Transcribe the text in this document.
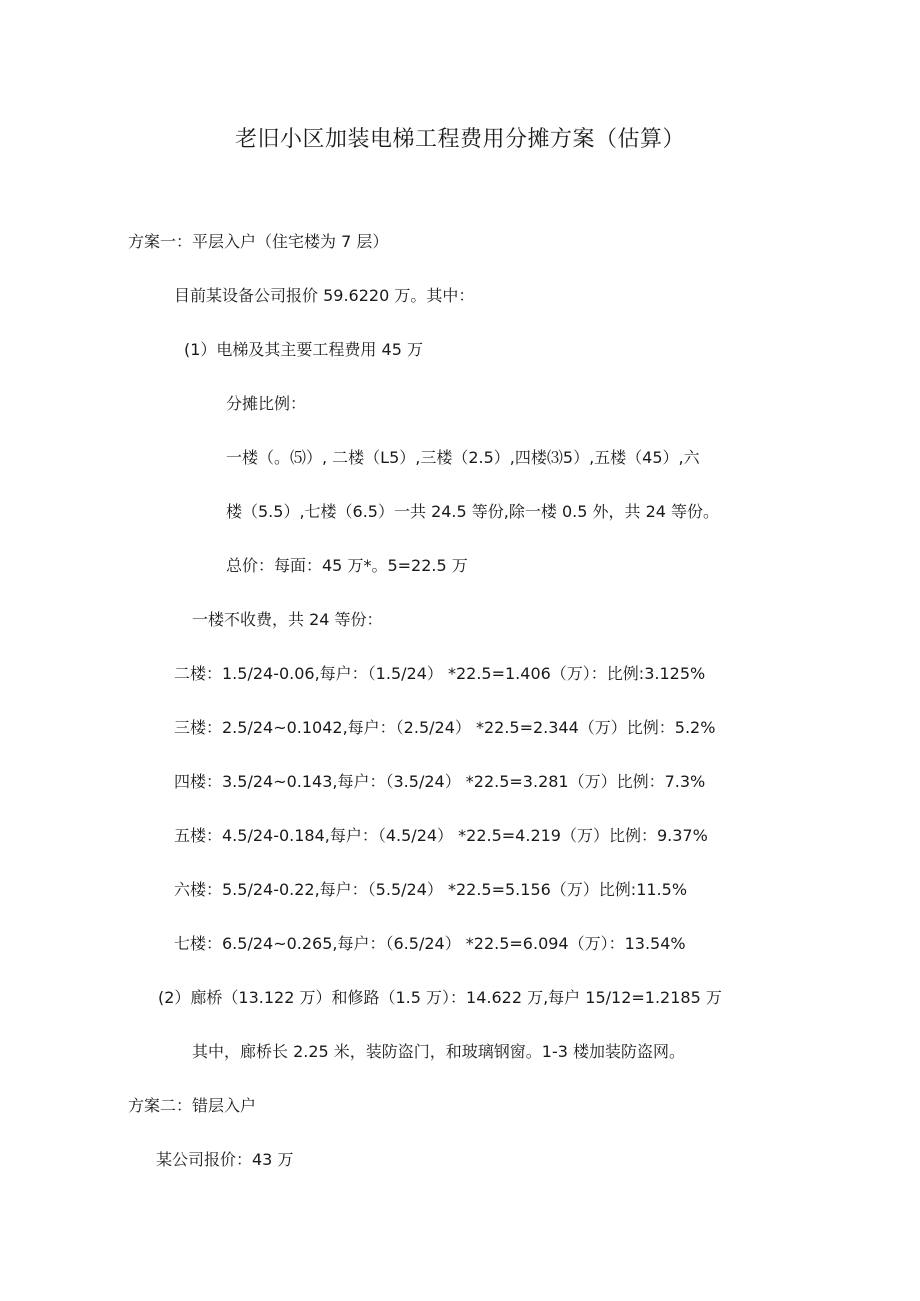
老旧小区加装电梯工程费用分摊方案（估算）
方案一：平层入户（住宅楼为 7 层）
目前某设备公司报价 59.6220 万。其中：
(1）电梯及其主要工程费用 45 万
分摊比例：
一楼（。⑸）, 二楼（L5）,三楼（2.5）,四楼⑶5）,五楼（45）,六
楼（5.5）,七楼（6.5）一共 24.5 等份,除一楼 0.5 外，共 24 等份。
总价：每面：45 万*。5=22.5 万
一楼不收费，共 24 等份：
二楼：1.5/24-0.06,每户：（1.5/24） *22.5=1.406（万）：比例:3.125%
三楼：2.5/24~0.1042,每户：（2.5/24） *22.5=2.344（万）比例：5.2%
四楼：3.5/24~0.143,每户：（3.5/24） *22.5=3.281（万）比例：7.3%
五楼：4.5/24-0.184,每户：（4.5/24） *22.5=4.219（万）比例：9.37%
六楼：5.5/24-0.22,每户：（5.5/24） *22.5=5.156（万）比例:11.5%
七楼：6.5/24~0.265,每户：（6.5/24） *22.5=6.094（万）：13.54%
(2）廊桥（13.122 万）和修路（1.5 万）：14.622 万,每户 15/12=1.2185 万
其中，廊桥长 2.25 米，装防盗门，和玻璃钢窗。1-3 楼加装防盗网。
方案二：错层入户
某公司报价：43 万
